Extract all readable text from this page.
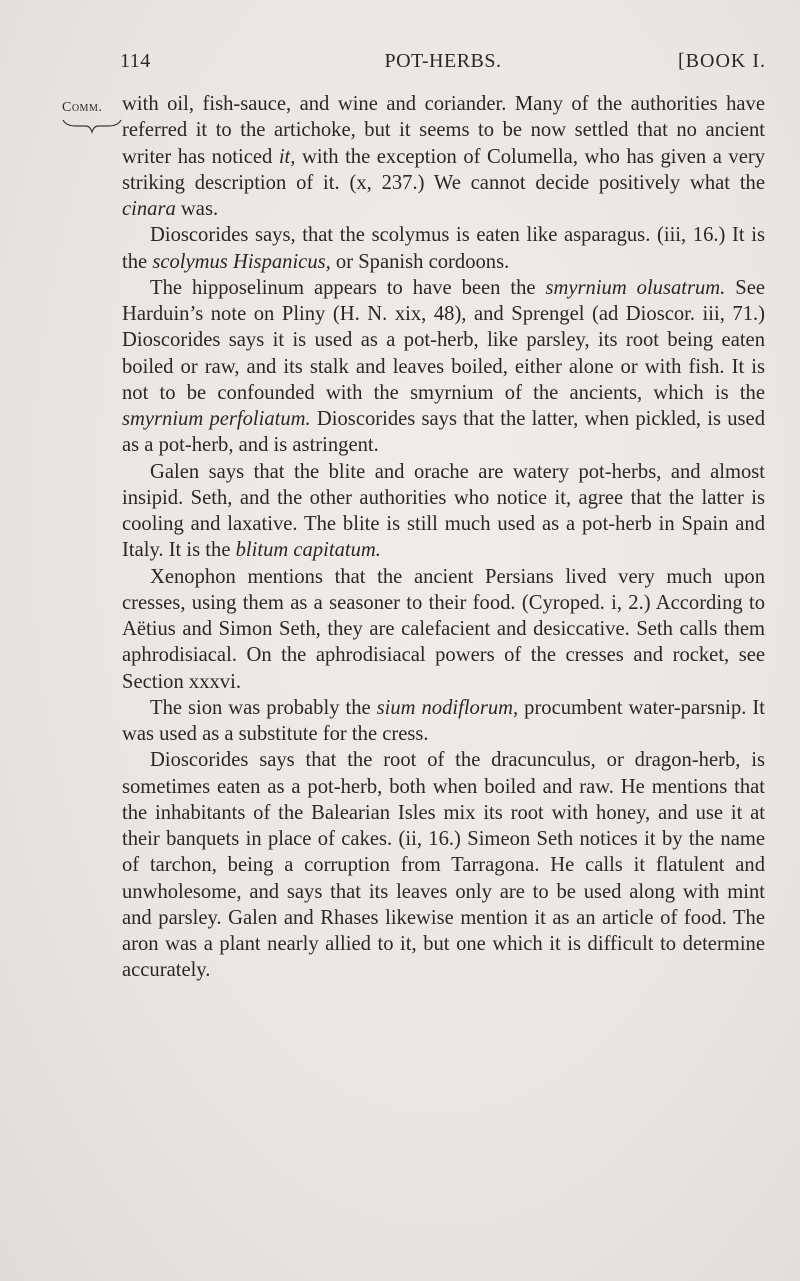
114	POT-HERBS.	[BOOK I.
Comm. with oil, fish-sauce, and wine and coriander. Many of the authorities have referred it to the artichoke, but it seems to be now settled that no ancient writer has noticed it, with the exception of Columella, who has given a very striking description of it. (x, 237.) We cannot decide positively what the cinara was.

Dioscorides says, that the scolymus is eaten like asparagus. (iii, 16.) It is the scolymus Hispanicus, or Spanish cordoons.

The hipposelinum appears to have been the smyrnium olusatrum. See Harduin’s note on Pliny (H. N. xix, 48), and Sprengel (ad Dioscor. iii, 71.) Dioscorides says it is used as a pot-herb, like parsley, its root being eaten boiled or raw, and its stalk and leaves boiled, either alone or with fish. It is not to be confounded with the smyrnium of the ancients, which is the smyrnium perfoliatum. Dioscorides says that the latter, when pickled, is used as a pot-herb, and is astringent.

Galen says that the blite and orache are watery pot-herbs, and almost insipid. Seth, and the other authorities who notice it, agree that the latter is cooling and laxative. The blite is still much used as a pot-herb in Spain and Italy. It is the blitum capitatum.

Xenophon mentions that the ancient Persians lived very much upon cresses, using them as a seasoner to their food. (Cyroped. i, 2.) According to Aëtius and Simon Seth, they are calefacient and desiccative. Seth calls them aphrodisiacal. On the aphrodisiacal powers of the cresses and rocket, see Section xxxvi.

The sion was probably the sium nodiflorum, procumbent water-parsnip. It was used as a substitute for the cress.

Dioscorides says that the root of the dracunculus, or dragon-herb, is sometimes eaten as a pot-herb, both when boiled and raw. He mentions that the inhabitants of the Balearian Isles mix its root with honey, and use it at their banquets in place of cakes. (ii, 16.) Simeon Seth notices it by the name of tarchon, being a corruption from Tarragona. He calls it flatulent and unwholesome, and says that its leaves only are to be used along with mint and parsley. Galen and Rhases likewise mention it as an article of food. The aron was a plant nearly allied to it, but one which it is difficult to determine accurately.
